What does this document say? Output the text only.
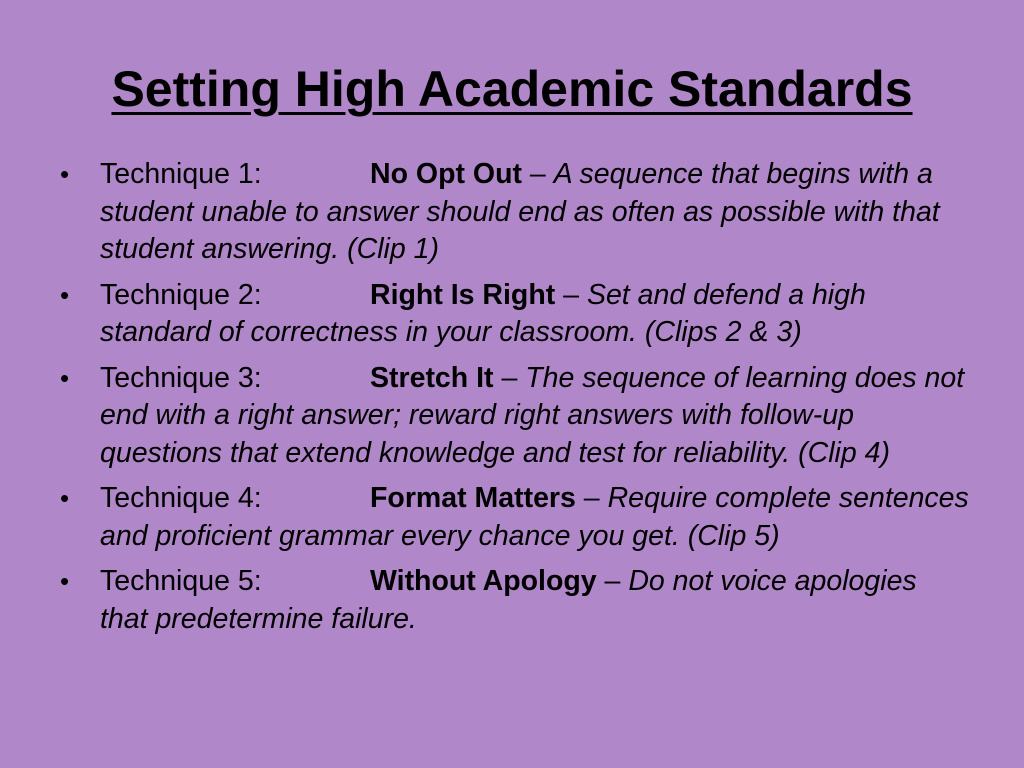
Setting High Academic Standards
•	Technique 1:	No Opt Out – A sequence that begins with a student unable to answer should end as often as possible with that student answering. (Clip 1)
•	Technique 2:	Right Is Right – Set and defend a high standard of correctness in your classroom. (Clips 2 & 3)
•	Technique 3:	Stretch It – The sequence of learning does not end with a right answer; reward right answers with follow-up questions that extend knowledge and test for reliability. (Clip 4)
•	Technique 4:	Format Matters – Require complete sentences and proficient grammar every chance you get. (Clip 5)
•	Technique 5:	Without Apology – Do not voice apologies that predetermine failure.
